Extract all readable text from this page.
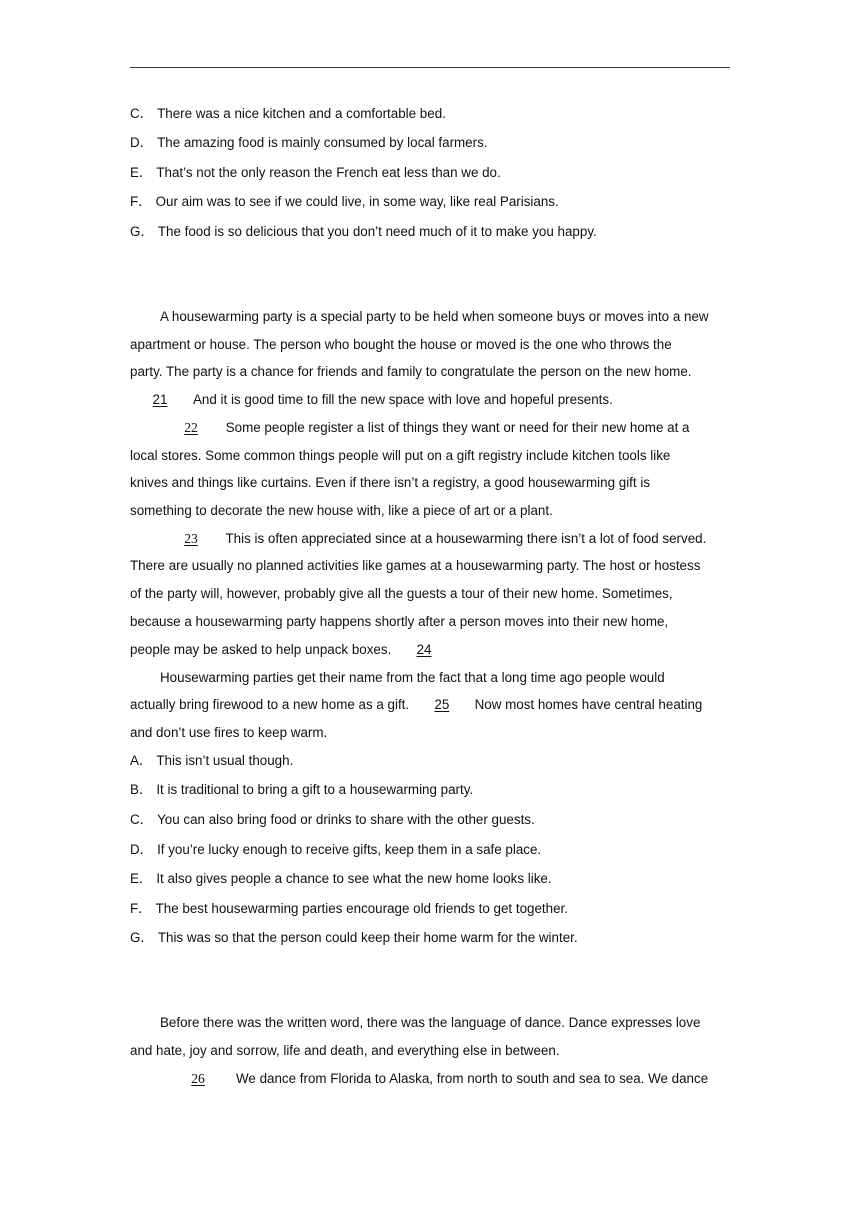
C． There was a nice kitchen and a comfortable bed.
D． The amazing food is mainly consumed by local farmers.
E． That’s not the only reason the French eat less than we do.
F． Our aim was to see if we could live, in some way, like real Parisians.
G． The food is so delicious that you don’t need much of it to make you happy.
A housewarming party is a special party to be held when someone buys or moves into a new
apartment or house. The person who bought the house or moved is the one who throws the
party. The party is a chance for friends and family to congratulate the person on the new home.
21 And it is good time to fill the new space with love and hopeful presents.
22 Some people register a list of things they want or need for their new home at a
local stores. Some common things people will put on a gift registry include kitchen tools like
knives and things like curtains. Even if there isn’t a registry, a good housewarming gift is
something to decorate the new house with, like a piece of art or a plant.
23 This is often appreciated since at a housewarming there isn’t a lot of food served.
There are usually no planned activities like games at a housewarming party. The host or hostess
of the party will, however, probably give all the guests a tour of their new home. Sometimes,
because a housewarming party happens shortly after a person moves into their new home,
people may be asked to help unpack boxes. 24
Housewarming parties get their name from the fact that a long time ago people would
actually bring firewood to a new home as a gift. 25 Now most homes have central heating
and don’t use fires to keep warm.
A． This isn’t usual though.
B． It is traditional to bring a gift to a housewarming party.
C． You can also bring food or drinks to share with the other guests.
D． If you’re lucky enough to receive gifts, keep them in a safe place.
E． It also gives people a chance to see what the new home looks like.
F． The best housewarming parties encourage old friends to get together.
G． This was so that the person could keep their home warm for the winter.
Before there was the written word, there was the language of dance. Dance expresses love
and hate, joy and sorrow, life and death, and everything else in between.
26 We dance from Florida to Alaska, from north to south and sea to sea. We dance
